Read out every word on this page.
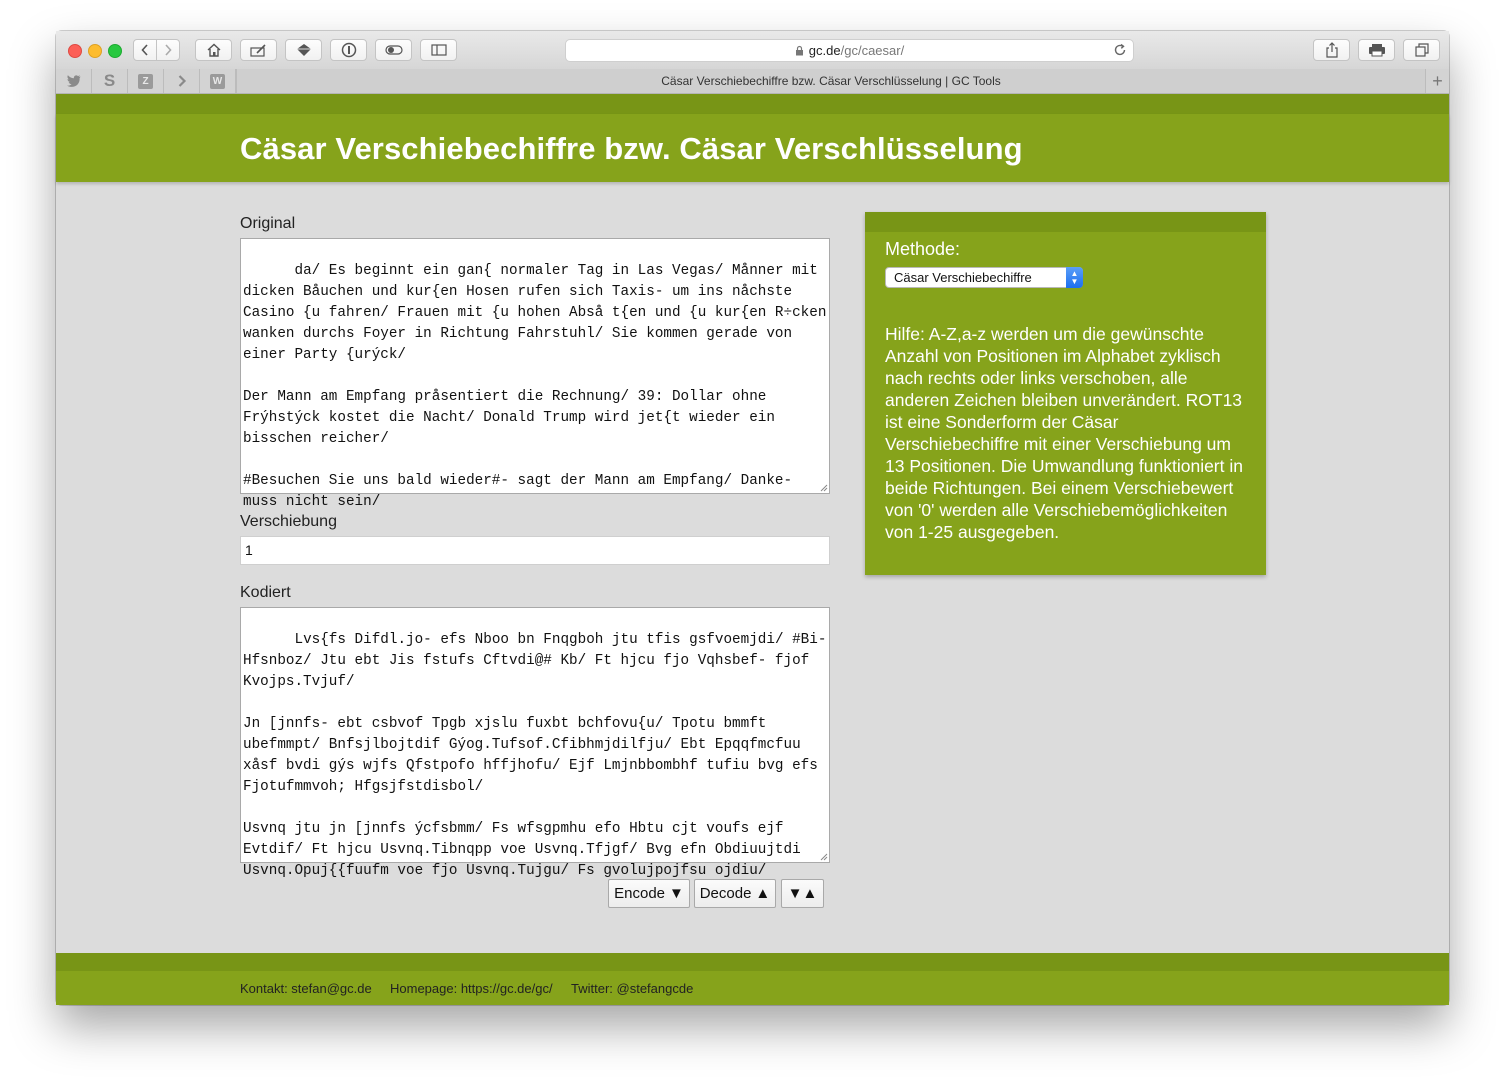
gc.de /gc/caesar/
S	Z	W	Cäsar Verschiebechiffre bzw. Cäsar Verschlüsselung | GC Tools	+
Cäsar Verschiebechiffre bzw. Cäsar Verschlüsselung
Original

da/ Es beginnt ein gan{ normaler Tag in Las Vegas/ Månner mit dicken Båuchen und kur{en Hosen rufen sich Taxis- um ins nåchste Casino {u fahren/ Frauen mit {u hohen Abså t{en und {u kur{en R÷cken wanken durchs Foyer in Richtung Fahrstuhl/ Sie kommen gerade von einer Party {urýck/

Der Mann am Empfang pråsentiert die Rechnung/ 39: Dollar ohne Frýhstýck kostet die Nacht/ Donald Trump wird jet{t wieder ein bisschen reicher/

#Besuchen Sie uns bald wieder#- sagt der Mann am Empfang/ Danke- muss nicht sein/

Verschiebung
1
Kodiert

Lvs{fs Difdl.jo- efs Nboo bn Fnqgboh jtu tfis gsfvoemjdi/ #Bi- Hfsnboz/ Jtu ebt Jis fstufs Cftvdi@# Kb/ Ft hjcu fjo Vqhsbef- fjof Kvojps.Tvjuf/

Jn [jnnfs- ebt csbvof Tpgb xjslu fuxbt bchfovu{u/ Tpotu bmmft ubefmmpt/ Bnfsjlbojtdif Gýog.Tufsof.Cfibhmjdilfju/ Ebt Epqqfmcfuu xåsf bvdi gýs wjfs Qfstpofo hffjhofu/ Ejf Lmjnbbombhf tufiu bvg efs Fjotufmmvoh; Hfgsjfstdisbol/

Usvnq jtu jn [jnnfs ýcfsbmm/ Fs wfsgpmhu efo Hbtu cjt voufs ejf Evtdif/ Ft hjcu Usvnq.Tibnqpp voe Usvnq.Tfjgf/ Bvg efn Obdiuujtdi Usvnq.Opuj{{fuufm voe fjo Usvnq.Tujgu/ Fs gvolujpojfsu ojdiu/

Encode ▼ Decode ▲ ▼ ▲
Methode:
Cäsar Verschiebechiffre	▲
▼
Hilfe: A-Z,a-z werden um die gewünschte Anzahl von Positionen im Alphabet zyklisch nach rechts oder links verschoben, alle anderen Zeichen bleiben unverändert. ROT13 ist eine Sonderform der Cäsar Verschiebechiffre mit einer Verschiebung um 13 Positionen. Die Umwandlung funktioniert in beide Richtungen. Bei einem Verschiebewert von '0' werden alle Verschiebemöglichkeiten von 1-25 ausgegeben.
Kontakt: stefan@gc.de Homepage: https://gc.de/gc/ Twitter: @stefangcde
